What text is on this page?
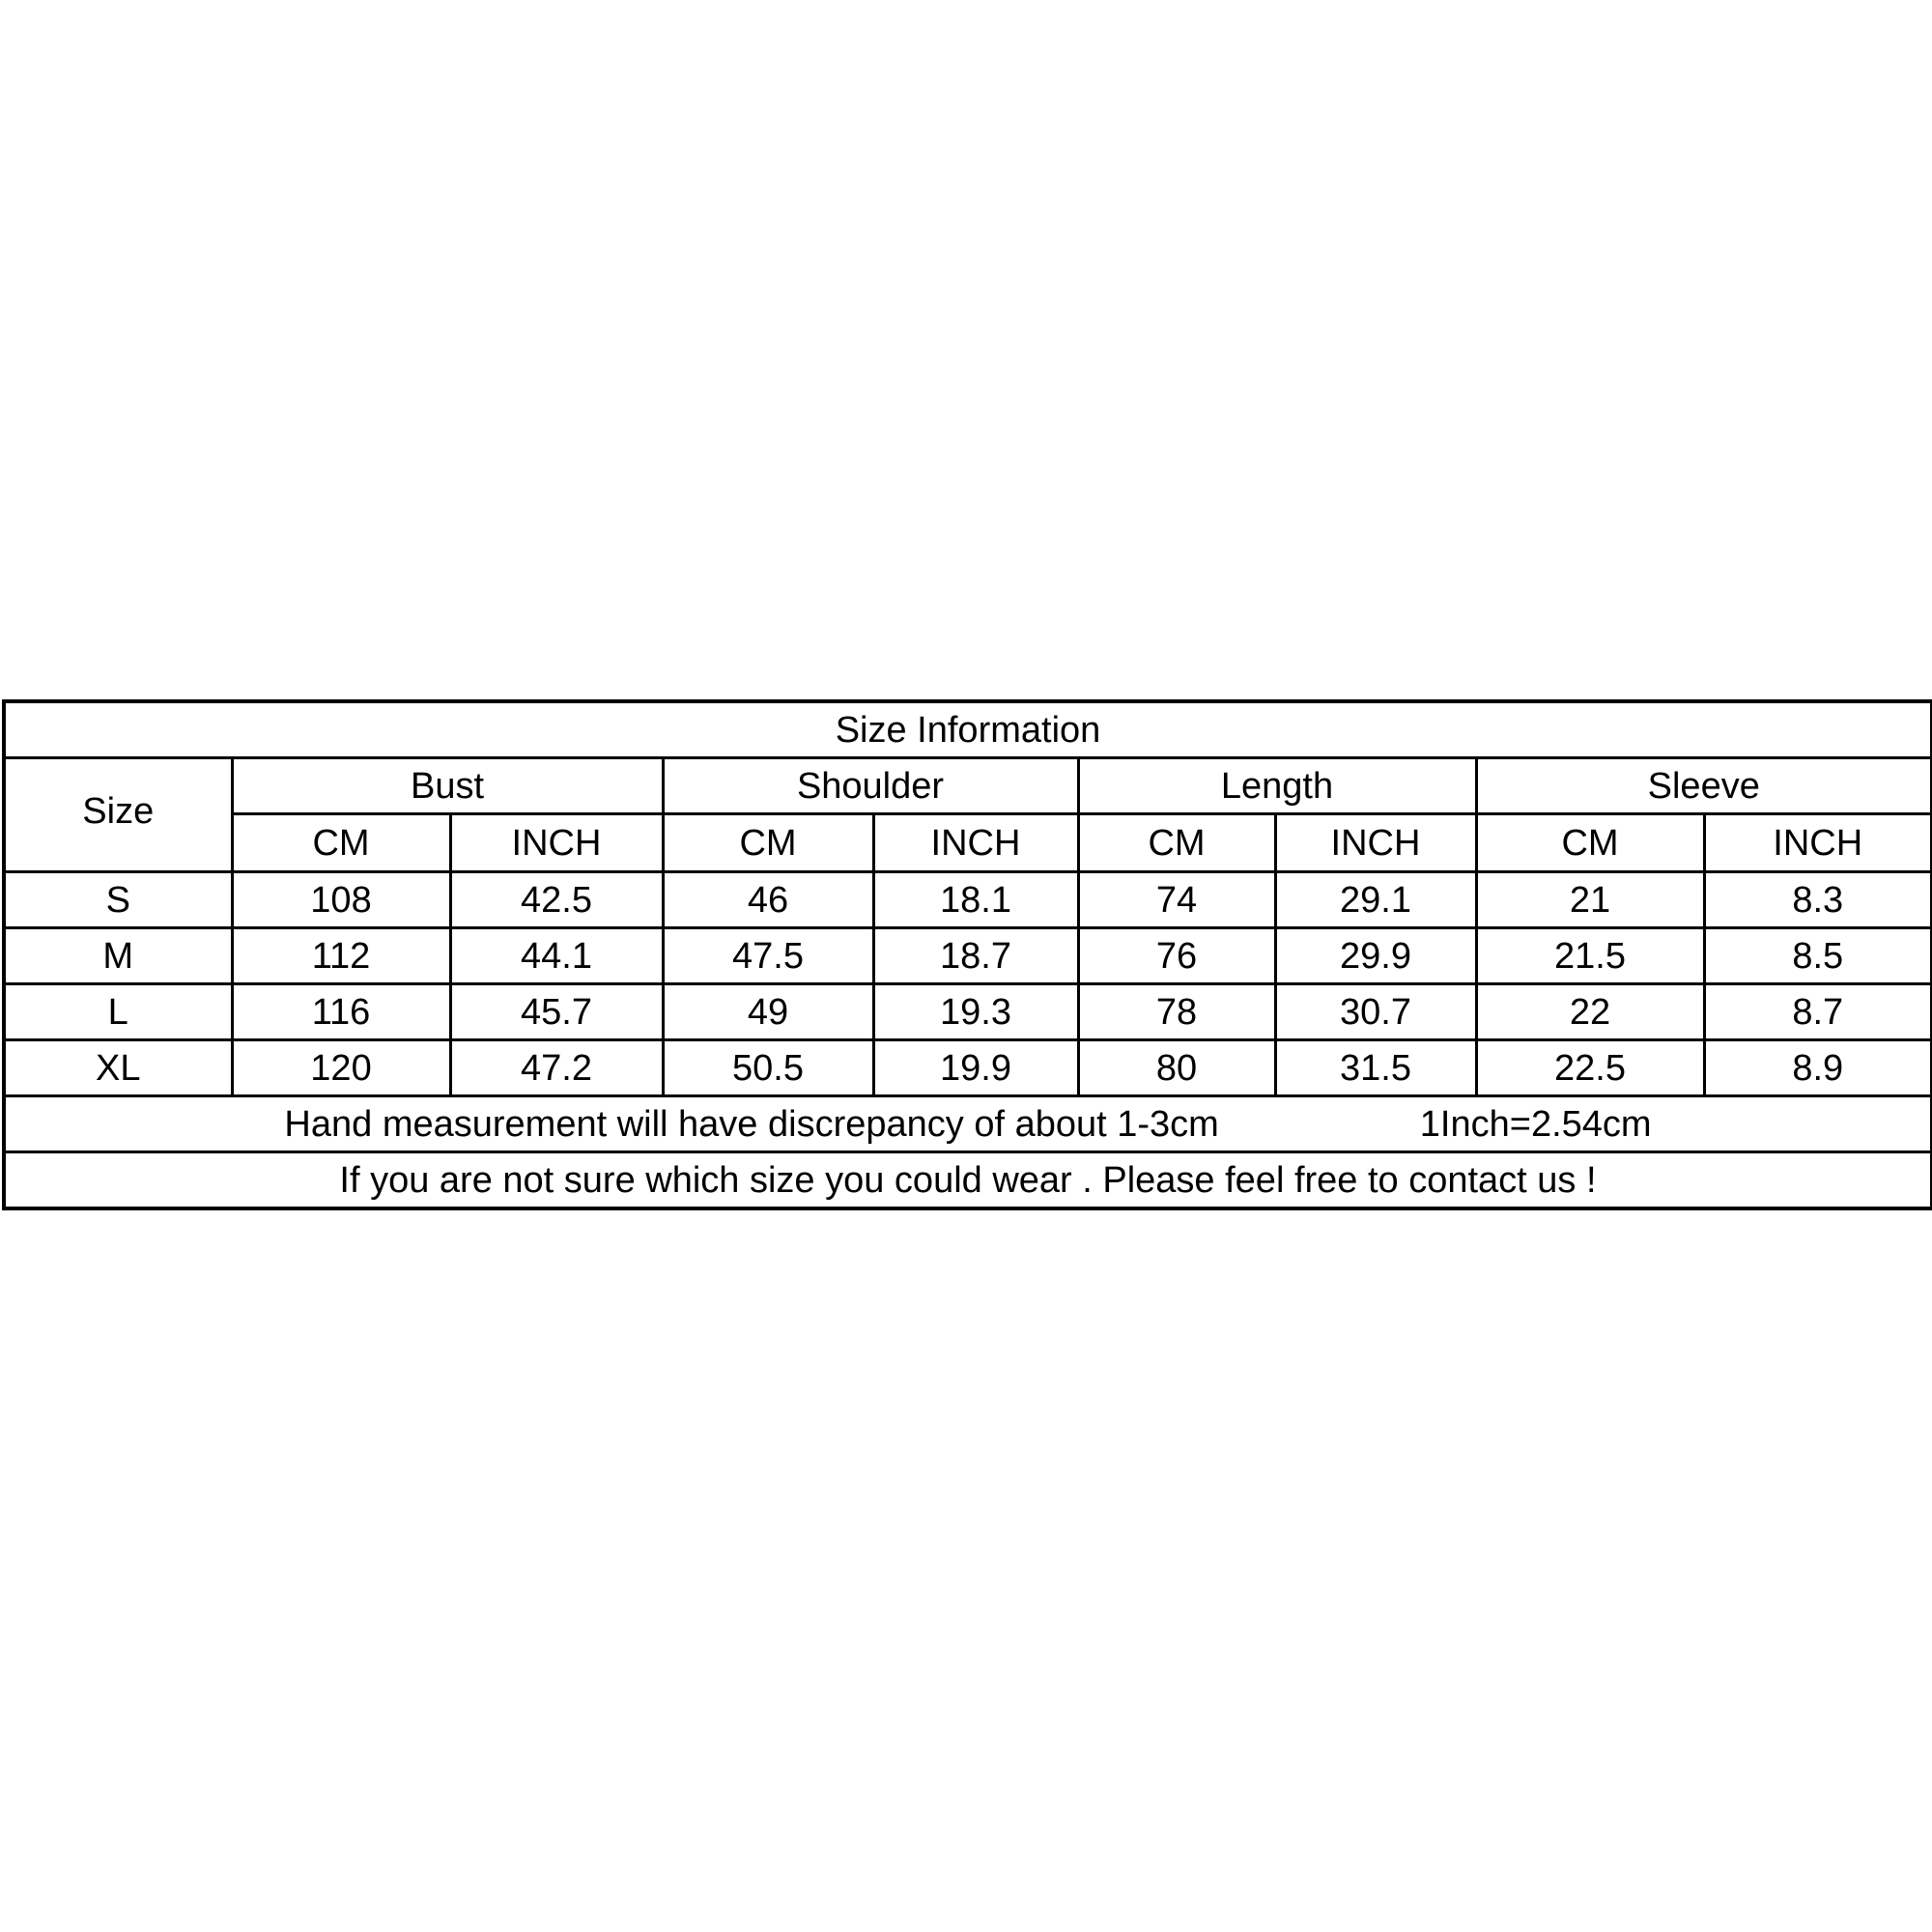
Size Information								
Size	Bust		Shoulder		Length		Sleeve	
	CM	INCH	CM	INCH	CM	INCH	CM	INCH
S	108	42.5	46	18.1	74	29.1	21	8.3
M	112	44.1	47.5	18.7	76	29.9	21.5	8.5
L	116	45.7	49	19.3	78	30.7	22	8.7
XL	120	47.2	50.5	19.9	80	31.5	22.5	8.9
Hand measurement will have discrepancy of about 1-3cm 1Inch=2.54cm								
If you are not sure which size you could wear . Please feel free to contact us !								
